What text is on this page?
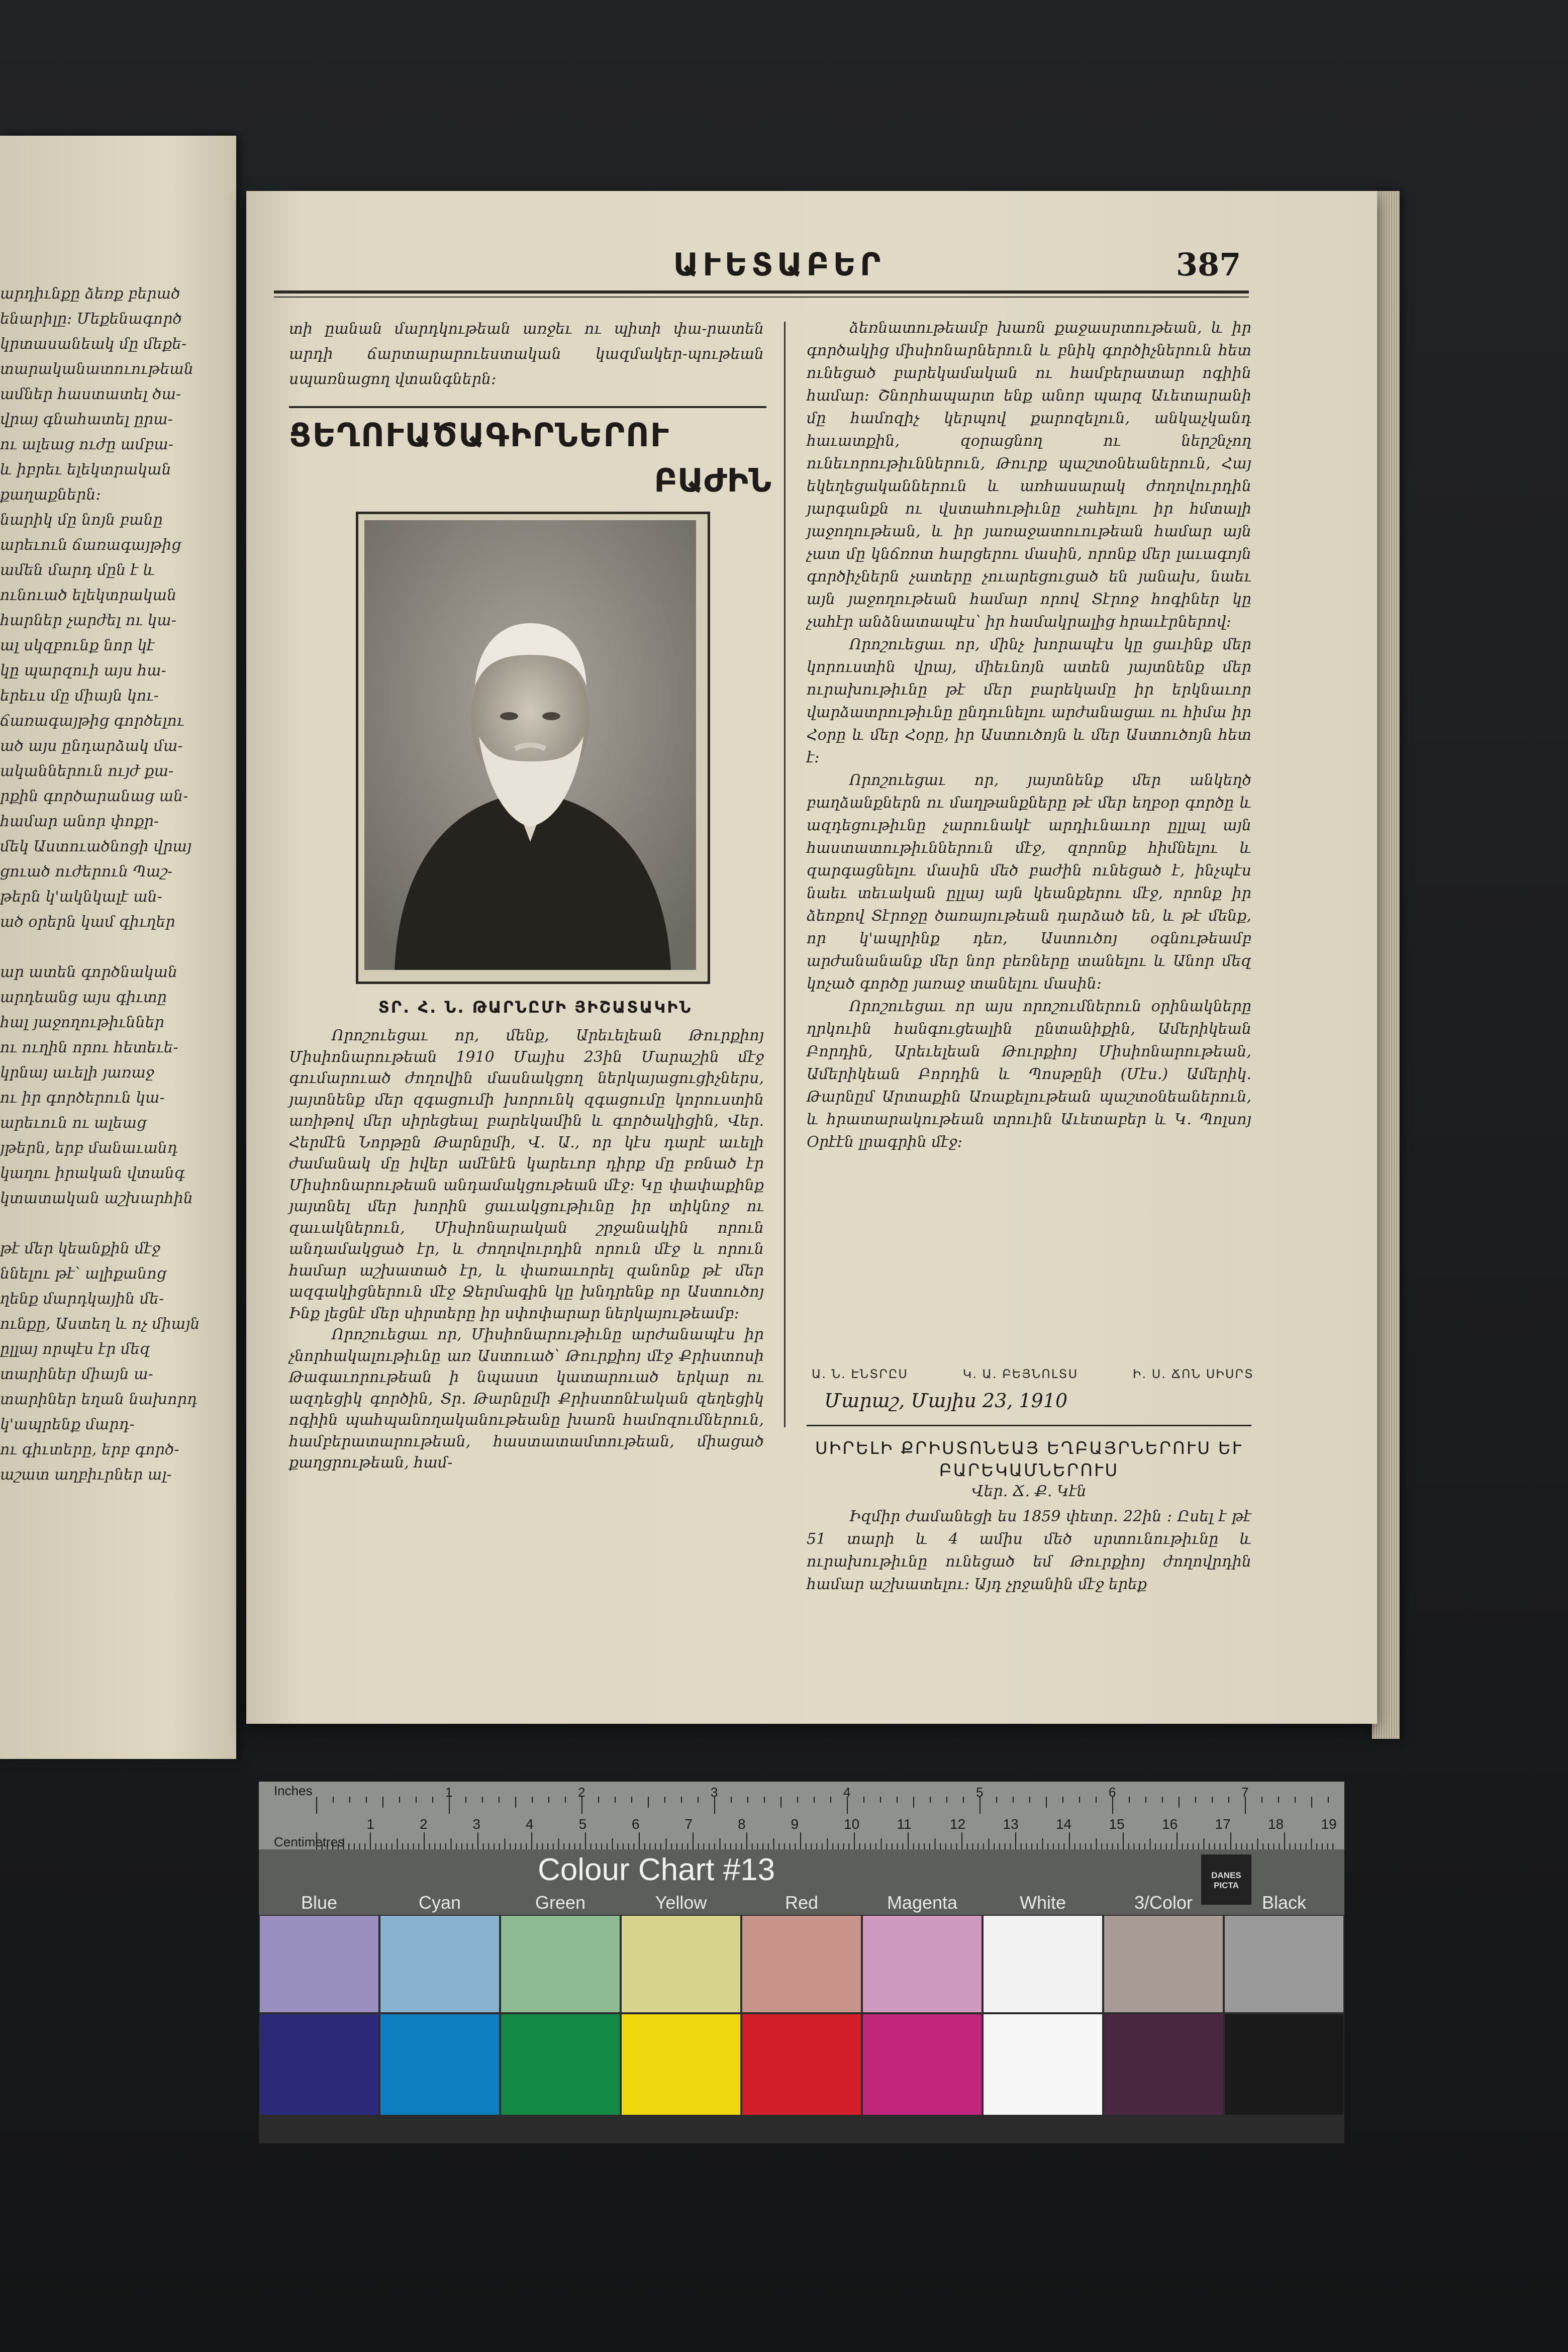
արդիւնքը ձեռք բերած
ենարիլը։ Մեքենագործ
կրտասանեակ մը մեքե-
տարականատուութեան
ամներ հաստատել ծա-
վրայ գնահատել ըրա-
ու ալեաց ուժը ամբա-
և իբրեւ ելեկտրական
քաղաքներն։
նարիկ մը նոյն բանը
արեւուն ճառագայթից
ամեն մարդ մըն է և
ունուած ելեկտրական
հարներ չարժել ու կա-
ալ սկզբունք նոր կէ
կը պարզուի այս հա-
երեւս մը միայն կու-
ճառագայթից գործելու
ած այս ընդարձակ մա-
ականներուն ույժ քա-
րքին գործարանաց ան-
համար անոր փոքր-
մեկ Աստուածնոցի վրայ
ցուած ուժերուն Պաշ-
թերն կ'ակնկալէ ան-
ած օրերն կամ գիւղեր

ար ատեն գործնական
արդեանց այս գիւտը
հալ յաջողութիւններ
ու ուղին որու հետեւե-
կրնայ աւելի յառաջ
ու իր գործերուն կա-
արեւուն ու ալեաց
յթերն, երբ մանաւանդ
կաղու իրական վտանգ
կտատական աշխարհին

թէ մեր կեանքին մէջ
ննելու թէ՝ ալիքանոց
ղենք մարդկային մե-
ունքը, Աստեղ և ոչ միայն
ըլլայ որպէս էր մեզ
տարիներ միայն ա-
տարիներ եղան նախորդ
կ'ապրենք մարդ-
ու գիւտերը, երբ գործ-
աշատ աղբիւրներ ալ-
ԱՒԵՏԱԲԵՐ	387
տի ըանան մարդկութեան առջեւ ու պիտի փա-րատեն արդի ճարտարարուեստական կազմակեր-պութեան սպառնացող վտանգներն։
ՑԵՂՈՒԱԾԱԳԻՐՆԵՐՈՒ
ԲԱԺԻՆ
ՏՐ. Հ. Ն. ԹԱՐՆԸՄԻ ՅԻՇԱՏԱԿԻՆ

Որոշուեցաւ որ, մենք, Արեւելեան Թուրքիոյ Միսիոնարութեան 1910 Մայիս 23ին Մարաշին մէջ գումարուած ժողովին մասնակցող ներկայացուցիչներս, յայտնենք մեր զգացումի խորունկ զգացումը կորուստին առիթով մեր սիրեցեալ բարեկամին և գործակիցին, Վեր. Հերմէն Նորթըն Թարնըմի, Վ. Ա., որ կէս դարէ աւելի ժամանակ մը իվեր ամէնէն կարեւոր դիրք մը բռնած էր Միսիոնարութեան անդամակցութեան մէջ։ Կը փափաքինք յայտնել մեր խորին ցաւակցութիւնը իր տիկնոջ ու զաւակներուն, Միսիոնարական շրջանակին որուն անդամակցած էր, և ժողովուրդին որուն մէջ և որուն համար աշխատած էր, և փառաւորել զանոնք թէ մեր ազգակիցներուն մէջ Ջերմագին կը խնդրենք որ Աստուծոյ Ինք լեցնէ մեր սիրտերը իր սփոփարար ներկայութեամբ։

Որոշուեցաւ որ, Միսիոնարութիւնը արժանապէս իր չնորհակալութիւնը առ Աստուած՝ Թուրքիոյ մէջ Քրիստոսի Թագաւորութեան ի նպաստ կատարուած երկար ու ազդեցիկ գործին, Տր. Թարնըմի Քրիստոնէական զեղեցիկ ոգիին պահպանողականութեանը խառն համոզումներուն, համբերատարութեան, հաստատամտութեան, միացած քաղցրութեան, համ-

ձեռնատութեամբ խառն քաջասրտութեան, և իր գործակից միսիոնարներուն և բնիկ գործիչներուն հետ ունեցած բարեկամական ու համբերատար ոգիին համար։ Շնորհապարտ ենք անոր պարզ Աւետարանի մը համոզիչ կերպով քարոզելուն, անկաչկանդ հաւատքին, զօրացնող ու ներշնչող ունեւորութիւններուն, Թուրք պաշտօնեաներուն, Հայ եկեղեցականներուն և առհասարակ ժողովուրդին յարգանքն ու վստահութիւնը չահելու իր հմտալի յաջողութեան, և իր յառաջատուութեան համար այն չատ մը կնճռոտ հարցերու մասին, որոնք մեր լաւագոյն գործիչներն չատերը չուարեցուցած են յանախ, նաեւ այն յաջողութեան համար որով Տէրոջ հոգիներ կը չահէր անձնատապէս՝ իր համակրալից հրաւէրներով։

Որոշուեցաւ որ, մինչ խորապէս կը ցաւինք մեր կորուստին վրայ, միեւնոյն ատեն յայտնենք մեր ուրախութիւնը թէ մեր բարեկամը իր երկնաւոր վարձատրութիւնը ընդունելու արժանացաւ ու հիմա իր Հօրը և մեր Հօրը, իր Աստուծոյն և մեր Աստուծոյն հետ է։

Որոշուեցաւ որ, յայտնենք մեր անկեղծ բաղձանքներն ու մաղթանքները թէ մեր եղբօր գործը և ազդեցութիւնը չարունակէ արդիւնաւոր ըլլալ այն հաստատութիւններուն մէջ, զորոնք հիմնելու և զարգացնելու մասին մեծ բաժին ունեցած է, ինչպէս նաեւ տեւական ըլլայ այն կեանքերու մէջ, որոնք իր ձեռքով Տէրոջը ծառայութեան դարձած են, և թէ մենք, որ կ'ապրինք դեռ, Աստուծոյ օգնութեամբ արժանանանք մեր նոր բեռները տանելու և Անոր մեզ կոչած գործը յառաջ տանելու մասին։

Որոշուեցաւ որ այս որոշումներուն օրինակները ղրկուին հանգուցեալին ընտանիքին, Ամերիկեան Բորդին, Արեւելեան Թուրքիոյ Միսիոնարութեան, Ամերիկեան Բորդին և Պոսթընի (Մէս.) Ամերիկ. Թարնըմ Արտաքին Առաքելութեան պաշտօնեաներուն, և հրատարակութեան տրուին Աւետաբեր և Կ. Պոլսոյ Օրէէն լրագրին մէջ։

Ա. Ն. ԷՆՏՐԸՍ	Կ. Ա. ԲԵՅՆՈԼՏՍ	Ի. Ս. ՃՈՆ ՍԻՍՐՏ
Մարաշ, Մայիս 23, 1910
ՍԻՐԵԼԻ ՔՐԻՍՏՈՆԵԱՅ ԵՂԲԱՅՐՆԵՐՈՒՍ ԵՒ
ԲԱՐԵԿԱՄՆԵՐՈՒՍ
Վեր. Ճ. Ք. Կէն

Իզմիր ժամանեցի ես 1859 փետր. 22ին ։ Ըսել է թէ 51 տարի և 4 ամիս մեծ սրտունութիւնը և ուրախութիւնը ունեցած եմ Թուրքիոյ ժողովրդին համար աշխատելու։ Այդ չրջանին մէջ երեք

1	2	3	4	5	6	7	8	9	10	11	12	13	14	15	16	17	18	19
1	2	3	4	5	6	7	8
Inches
Centimetres
Colour Chart #13	DANES
PICTA
Blue	Cyan	Green	Yellow	Red	Magenta	White	3/Color	Black
